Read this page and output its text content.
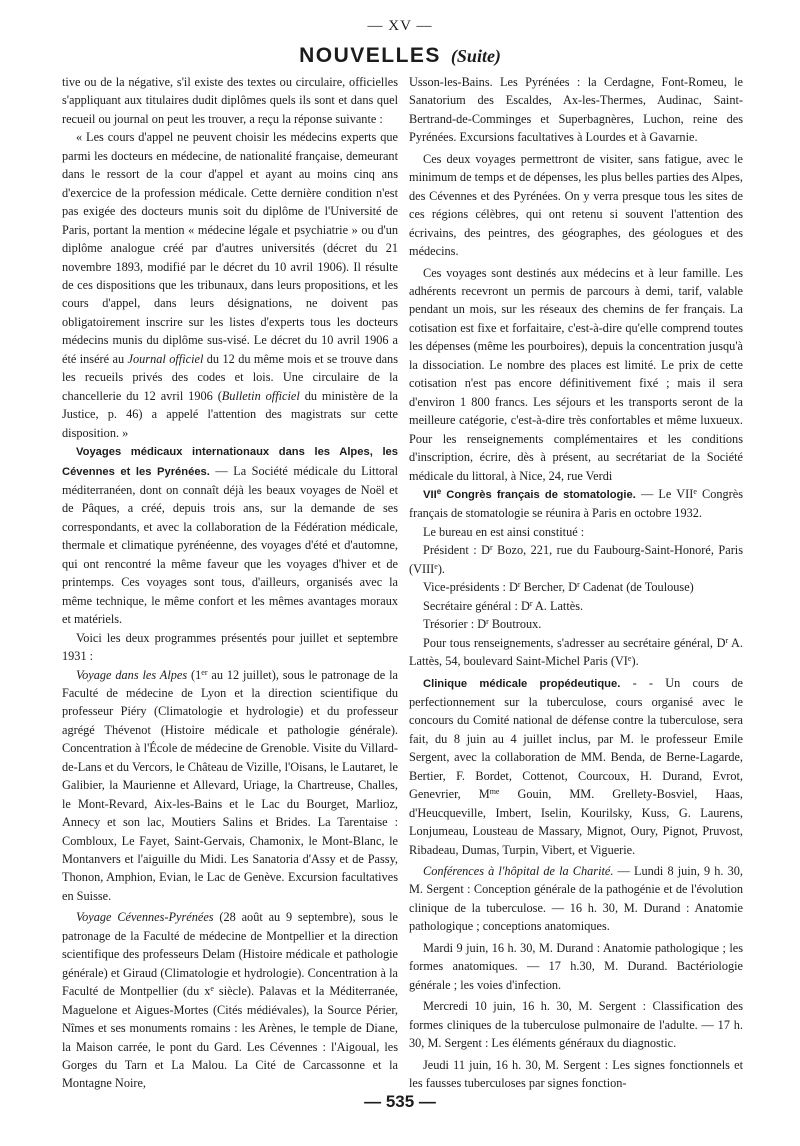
— XV —
NOUVELLES (Suite)

tive ou de la négative, s'il existe des textes ou circulaire, officielles s'appliquant aux titulaires dudit diplômes quels ils sont et dans quel recueil ou journal on peut les trouver, a reçu la réponse suivante :

« Les cours d'appel ne peuvent choisir les médecins experts que parmi les docteurs en médecine, de nationalité française, demeurant dans le ressort de la cour d'appel et ayant au moins cinq ans d'exercice de la profession médicale. Cette dernière condition n'est pas exigée des docteurs munis soit du diplôme de l'Université de Paris, portant la mention « médecine légale et psychiatrie » ou d'un diplôme analogue créé par d'autres universités (décret du 21 novembre 1893, modifié par le décret du 10 avril 1906). Il résulte de ces dispositions que les tribunaux, dans leurs propositions, et les cours d'appel, dans leurs désignations, ne doivent pas obligatoirement inscrire sur les listes d'experts tous les docteurs médecins munis du diplôme sus-visé. Le décret du 10 avril 1906 a été inséré au Journal officiel du 12 du même mois et se trouve dans les recueils privés des codes et lois. Une circulaire de la chancellerie du 12 avril 1906 (Bulletin officiel du ministère de la Justice, p. 46) a appelé l'attention des magistrats sur cette disposition. »

Voyages médicaux internationaux dans les Alpes, les Cévennes et les Pyrénées. — La Société médicale du Littoral méditerranéen, dont on connaît déjà les beaux voyages de Noël et de Pâques, a créé, depuis trois ans, sur la demande de ses correspondants, et avec la collaboration de la Fédération médicale, thermale et climatique pyrénéenne, des voyages d'été et d'automne, qui ont rencontré la même faveur que les voyages d'hiver et de printemps. Ces voyages sont tous, d'ailleurs, organisés avec la même technique, le même confort et les mêmes avantages moraux et matériels.

Voici les deux programmes présentés pour juillet et septembre 1931 :

Voyage dans les Alpes (1er au 12 juillet), sous le patronage de la Faculté de médecine de Lyon et la direction scientifique du professeur Piéry (Climatologie et hydrologie) et du professeur agrégé Thévenot (Histoire médicale et pathologie générale). Concentration à l'École de médecine de Grenoble. Visite du Villard-de-Lans et du Vercors, le Château de Vizille, l'Oisans, le Lautaret, le Galibier, la Maurienne et Allevard, Uriage, la Chartreuse, Challes, le Mont-Revard, Aix-les-Bains et le Lac du Bourget, Marlioz, Annecy et son lac, Moutiers Salins et Brides. La Tarentaise : Combloux, Le Fayet, Saint-Gervais, Chamonix, le Mont-Blanc, le Montanvers et l'aiguille du Midi. Les Sanatoria d'Assy et de Passy, Thonon, Amphion, Evian, le Lac de Genève. Excursion facultatives en Suisse.

Voyage Cévennes-Pyrénées (28 août au 9 septembre), sous le patronage de la Faculté de médecine de Montpellier et la direction scientifique des professeurs Delam (Histoire médicale et pathologie générale) et Giraud (Climatologie et hydrologie). Concentration à la Faculté de Montpellier (du $x^e$ siècle). Palavas et la Méditerranée, Maguelone et Aigues-Mortes (Cités médiévales), la Source Périer, Nîmes et ses monuments romains : les Arènes, le temple de Diane, la Maison carrée, le pont du Gard. Les Cévennes : l'Aigoual, les Gorges du Tarn et La Malou. La Cité de Carcassonne et la Montagne Noire,

Usson-les-Bains. Les Pyrénées : la Cerdagne, Font-Romeu, le Sanatorium des Escaldes, Ax-les-Thermes, Audinac, Saint-Bertrand-de-Comminges et Superbagnères, Luchon, reine des Pyrénées. Excursions facultatives à Lourdes et à Gavarnie.

Ces deux voyages permettront de visiter, sans fatigue, avec le minimum de temps et de dépenses, les plus belles parties des Alpes, des Cévennes et des Pyrénées. On y verra presque tous les sites de ces régions célèbres, qui ont retenu si souvent l'attention des écrivains, des peintres, des géographes, des géologues et des médecins.

Ces voyages sont destinés aux médecins et à leur famille. Les adhérents recevront un permis de parcours à demi, tarif, valable pendant un mois, sur les réseaux des chemins de fer français. La cotisation est fixe et forfaitaire, c'est-à-dire qu'elle comprend toutes les dépenses (même les pourboires), depuis la concentration jusqu'à la dissociation. Le nombre des places est limité. Le prix de cette cotisation n'est pas encore définitivement fixé ; mais il sera d'environ 1 800 francs. Les séjours et les transports seront de la meilleure catégorie, c'est-à-dire très confortables et même luxueux. Pour les renseignements complémentaires et les conditions d'inscription, écrire, dès à présent, au secrétariat de la Société médicale du littoral, à Nice, 24, rue Verdi

VIIe Congrès français de stomatologie. — Le VIIe Congrès français de stomatologie se réunira à Paris en octobre 1932.

Le bureau en est ainsi constitué :

Président : $D^r$ Bozo, 221, rue du Faubourg-Saint-Honoré, Paris (VIIIe).

Vice-présidents : $D^r$ Bercher, $D^r$ Cadenat (de Toulouse)

Secrétaire général : $D^r$ A. Lattès.

Trésorier : $D^r$ Boutroux.

Pour tous renseignements, s'adresser au secrétaire général, $D^r$ A. Lattès, 54, boulevard Saint-Michel Paris (VIe).

Clinique médicale propédeutique. - - Un cours de perfectionnement sur la tuberculose, cours organisé avec le concours du Comité national de défense contre la tuberculose, sera fait, du 8 juin au 4 juillet inclus, par M. le professeur Emile Sergent, avec la collaboration de MM. Benda, de Berne-Lagarde, Bertier, F. Bordet, Cottenot, Courcoux, H. Durand, Evrot, Genevrier, $M^{me}$ Gouin, MM. Grellety-Bosviel, Haas, d'Heucqueville, Imbert, Iselin, Kourilsky, Kuss, G. Laurens, Lonjumeau, Lousteau de Massary, Mignot, Oury, Pignot, Pruvost, Ribadeau, Dumas, Turpin, Vibert, et Viguerie.

Conférences à l'hôpital de la Charité. — Lundi 8 juin, 9 h. 30, M. Sergent : Conception générale de la pathogénie et de l'évolution clinique de la tuberculose. — 16 h. 30, M. Durand : Anatomie pathologique ; conceptions anatomiques.

Mardi 9 juin, 16 h. 30, M. Durand : Anatomie pathologique ; les formes anatomiques. — 17 h.30, M. Durand. Bactériologie générale ; les voies d'infection.

Mercredi 10 juin, 16 h. 30, M. Sergent : Classification des formes cliniques de la tuberculose pulmonaire de l'adulte. — 17 h. 30, M. Sergent : Les éléments généraux du diagnostic.

Jeudi 11 juin, 16 h. 30, M. Sergent : Les signes fonctionnels et les fausses tuberculoses par signes fonction-

— 535 —
